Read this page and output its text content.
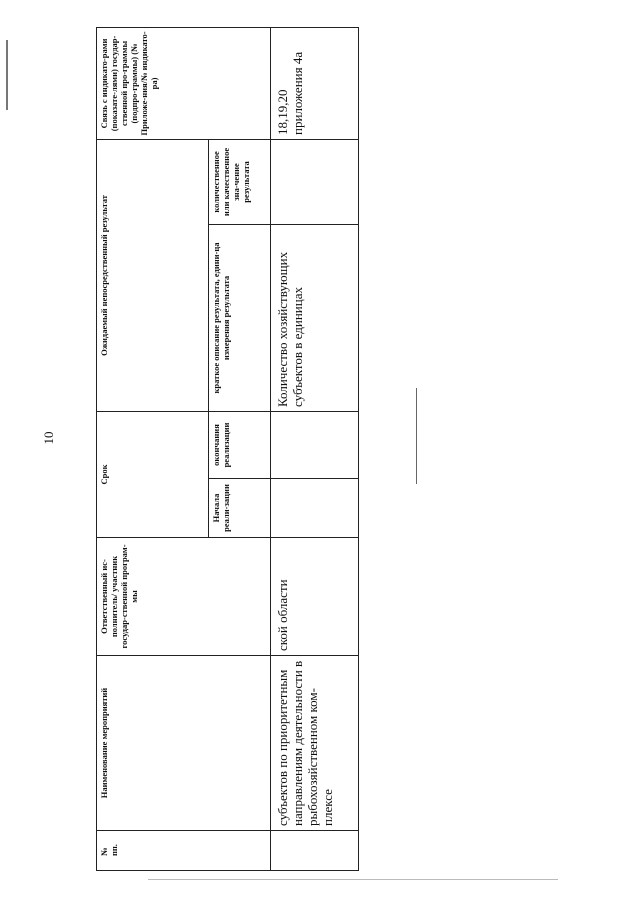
10
№ пп.	Наименование мероприятий	Ответственный ис-полнитель/ участник государ-ственной програм-мы	Срок		Ожидаемый непосредственный результат		Связь с индикато-рами (показате-лями) государ-ственной про-граммы (подпро-граммы) (№ Приложе-ния/№ индикато-ра)
			Начала реали-зации	окончания реализации	краткое описание результата, едини-ца измерения результата	количественное или качественное зна-чение результата	
	субъектов по приоритетным направлениям деятельности в рыбохозяйственном ком-плексе	ской области			Количество хозяйствующих субъектов в единицах		18,19,20 приложения 4а
